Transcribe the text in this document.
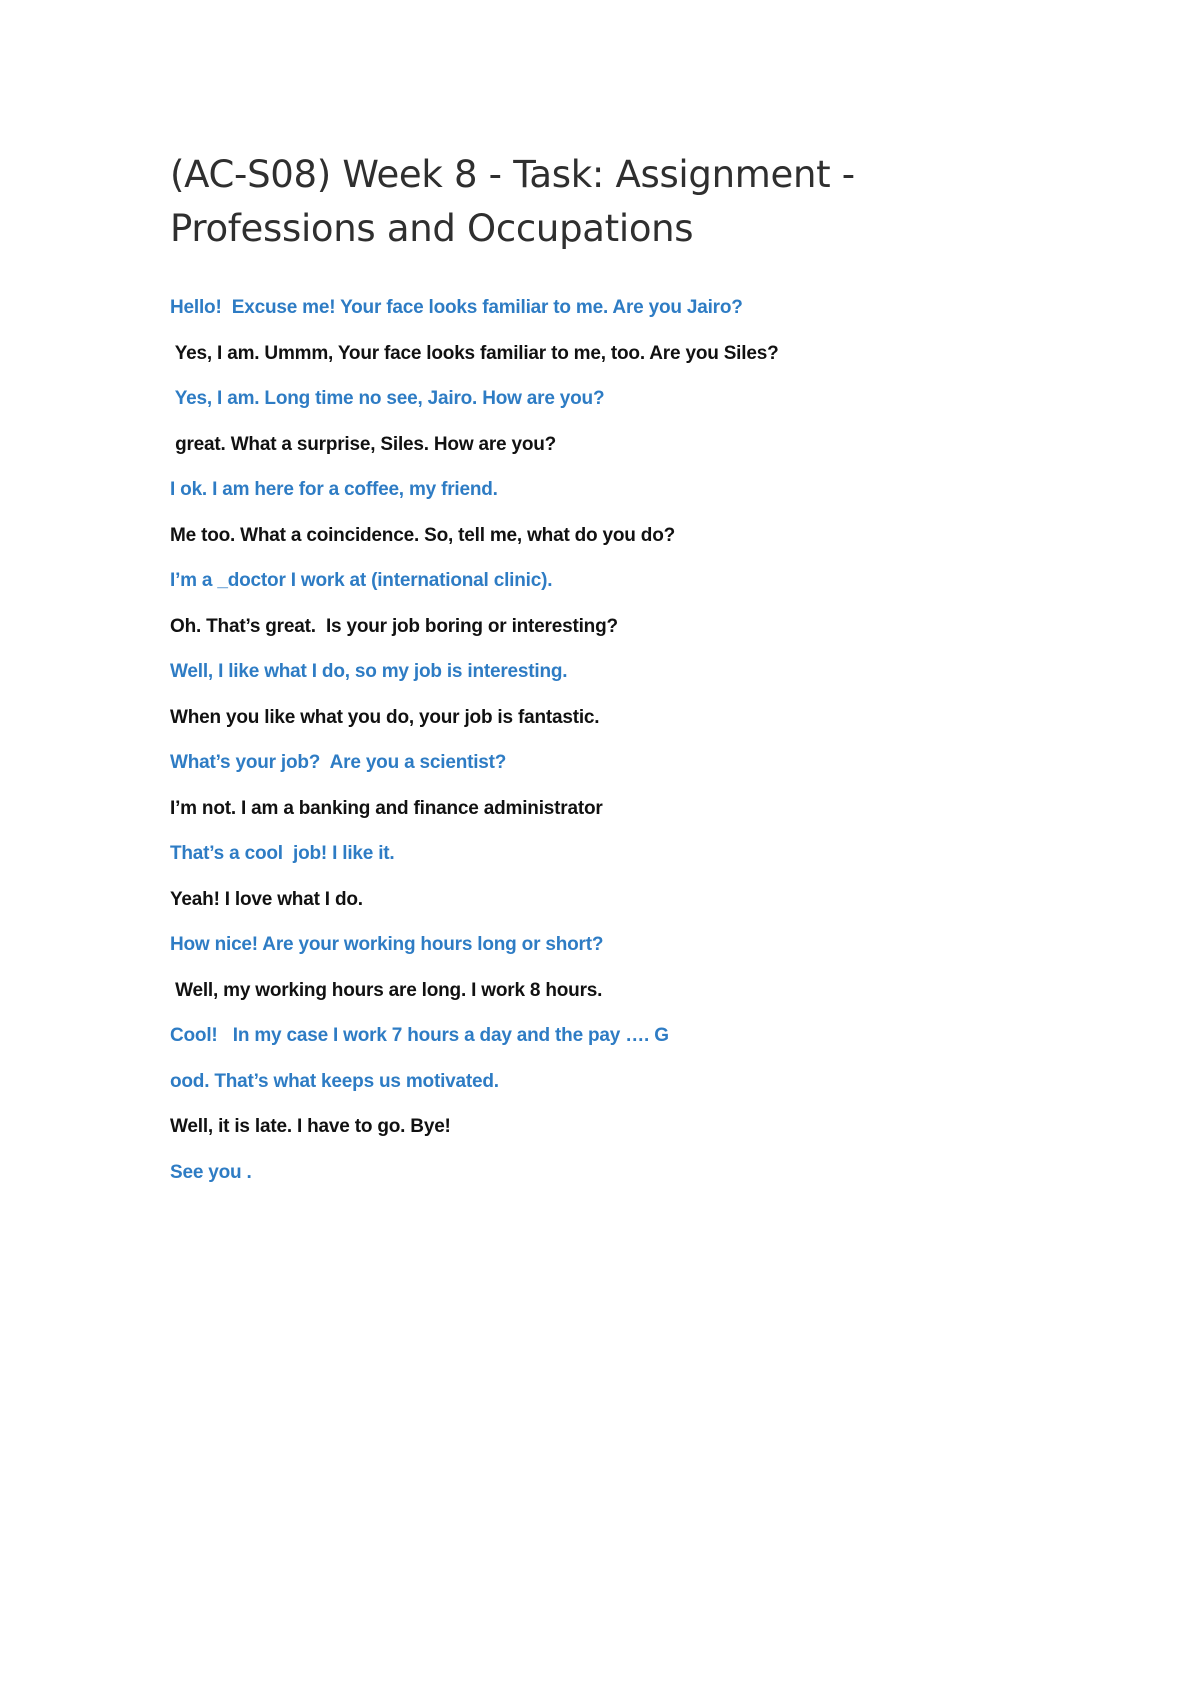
(AC-S08) Week 8 - Task: Assignment -
Professions and Occupations
Hello!  Excuse me! Your face looks familiar to me. Are you Jairo?
Yes, I am. Ummm, Your face looks familiar to me, too. Are you Siles?
Yes, I am. Long time no see, Jairo. How are you?
great. What a surprise, Siles. How are you?
I ok. I am here for a coffee, my friend.
Me too. What a coincidence. So, tell me, what do you do?
I’m a _doctor I work at (international clinic).
Oh. That’s great.  Is your job boring or interesting?
Well, I like what I do, so my job is interesting.
When you like what you do, your job is fantastic.
What’s your job?  Are you a scientist?
I’m not. I am a banking and finance administrator
That’s a cool  job! I like it.
Yeah! I love what I do.
How nice! Are your working hours long or short?
Well, my working hours are long. I work 8 hours.
Cool!   In my case I work 7 hours a day and the pay …. G
ood. That’s what keeps us motivated.
Well, it is late. I have to go. Bye!
See you .
